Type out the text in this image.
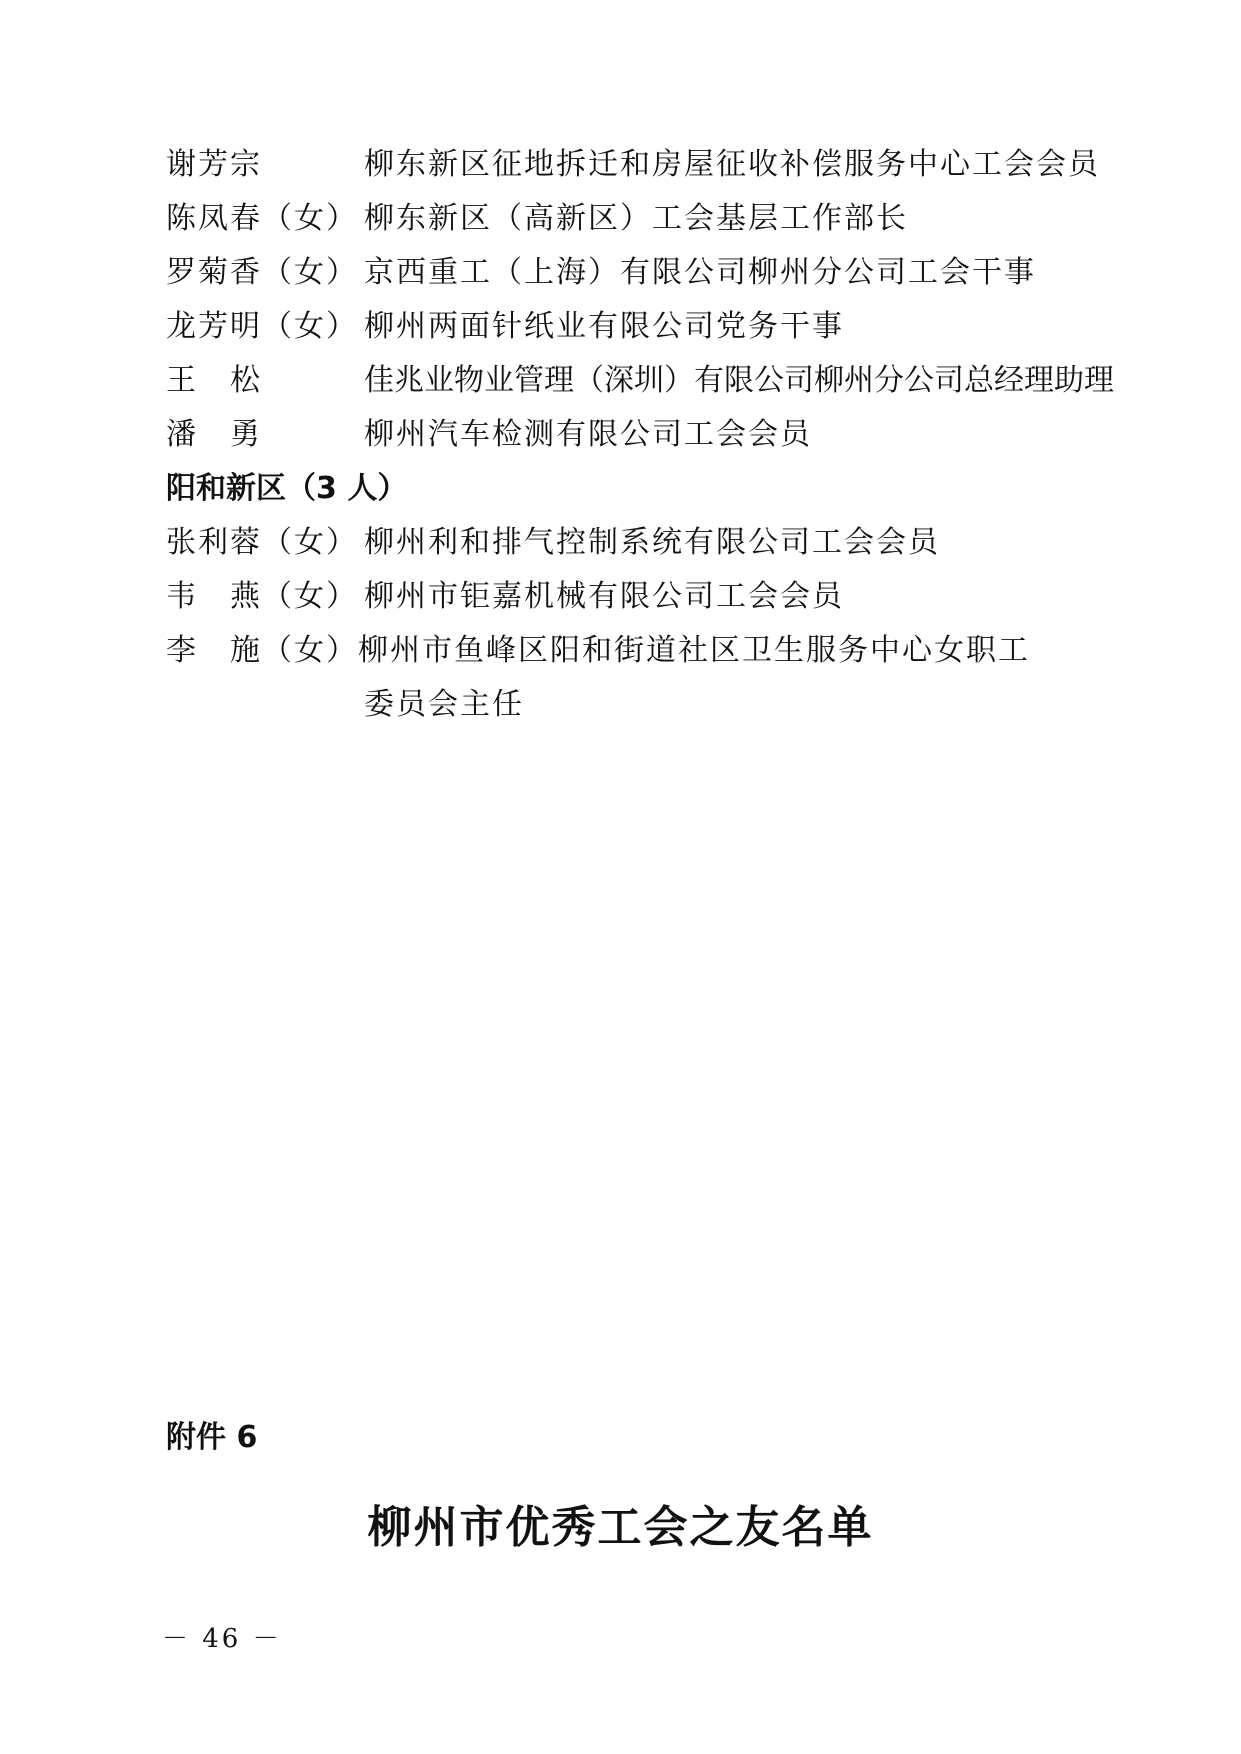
谢芳宗	柳东新区征地拆迁和房屋征收补偿服务中心工会会员
陈凤春（女） 柳东新区（高新区）工会基层工作部长
罗菊香（女） 京西重工（上海）有限公司柳州分公司工会干事
龙芳明（女） 柳州两面针纸业有限公司党务干事
王　松	佳兆业物业管理（深圳）有限公司柳州分公司总经理助理
潘　勇	柳州汽车检测有限公司工会会员
阳和新区（3 人）
张利蓉（女） 柳州利和排气控制系统有限公司工会会员
韦　燕（女） 柳州市钜嘉机械有限公司工会会员
李　施（女） 柳州市鱼峰区阳和街道社区卫生服务中心女职工
委员会主任
附件 6
柳州市优秀工会之友名单
－ 46 －
